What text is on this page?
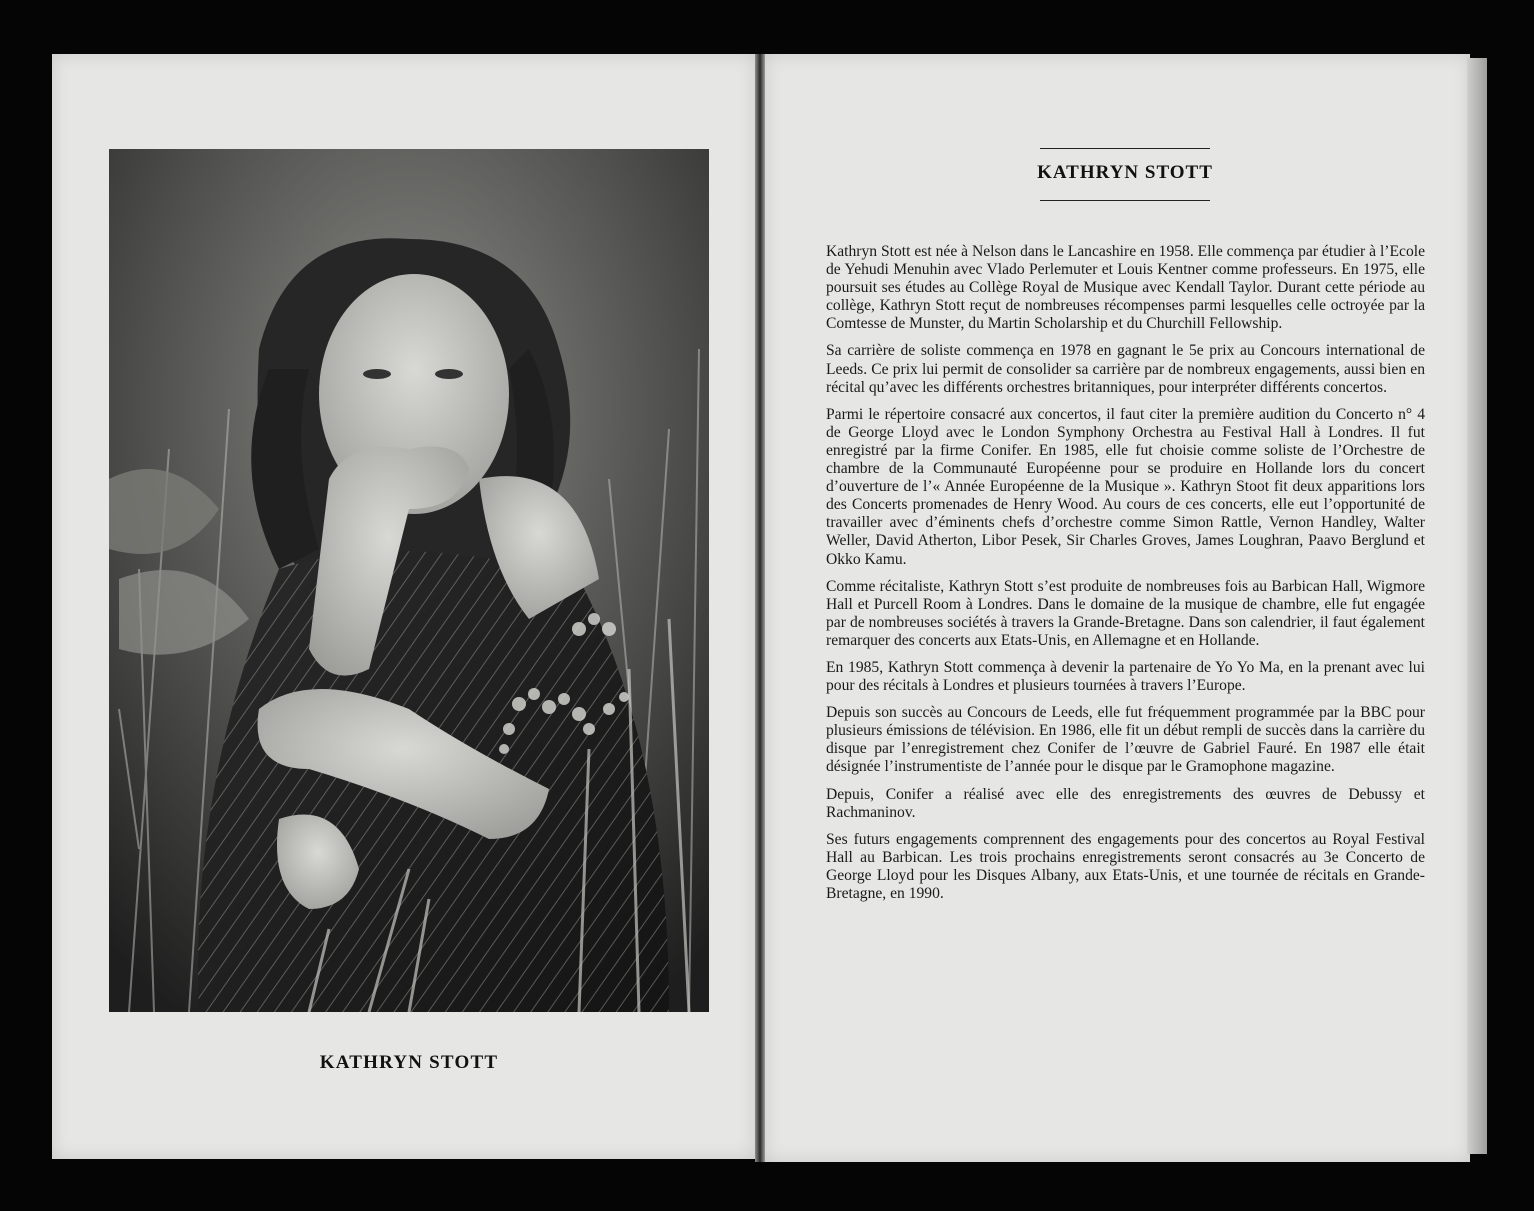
KATHRYN STOTT
KATHRYN STOTT

Kathryn Stott est née à Nelson dans le Lancashire en 1958. Elle commença par étudier à l’Ecole de Yehudi Menuhin avec Vlado Perlemuter et Louis Kentner comme professeurs. En 1975, elle poursuit ses études au Collège Royal de Musique avec Kendall Taylor. Durant cette période au collège, Kathryn Stott reçut de nombreuses récompenses parmi lesquelles celle octroyée par la Comtesse de Munster, du Martin Scholarship et du Churchill Fellowship.

Sa carrière de soliste commença en 1978 en gagnant le 5e prix au Concours international de Leeds. Ce prix lui permit de consolider sa carrière par de nombreux engagements, aussi bien en récital qu’avec les différents orchestres britanniques, pour interpréter différents concertos.

Parmi le répertoire consacré aux concertos, il faut citer la première audition du Concerto n° 4 de George Lloyd avec le London Symphony Orchestra au Festival Hall à Londres. Il fut enregistré par la firme Conifer. En 1985, elle fut choisie comme soliste de l’Orchestre de chambre de la Communauté Européenne pour se produire en Hollande lors du concert d’ouverture de l’« Année Européenne de la Musique ». Kathryn Stoot fit deux apparitions lors des Concerts promenades de Henry Wood. Au cours de ces concerts, elle eut l’opportunité de travailler avec d’éminents chefs d’orchestre comme Simon Rattle, Vernon Handley, Walter Weller, David Atherton, Libor Pesek, Sir Charles Groves, James Loughran, Paavo Berglund et Okko Kamu.

Comme récitaliste, Kathryn Stott s’est produite de nombreuses fois au Barbican Hall, Wigmore Hall et Purcell Room à Londres. Dans le domaine de la musique de chambre, elle fut engagée par de nombreuses sociétés à travers la Grande-Bretagne. Dans son calendrier, il faut également remarquer des concerts aux Etats-Unis, en Allemagne et en Hollande.

En 1985, Kathryn Stott commença à devenir la partenaire de Yo Yo Ma, en la prenant avec lui pour des récitals à Londres et plusieurs tournées à travers l’Europe.

Depuis son succès au Concours de Leeds, elle fut fréquemment programmée par la BBC pour plusieurs émissions de télévision. En 1986, elle fit un début rempli de succès dans la carrière du disque par l’enregistrement chez Conifer de l’œuvre de Gabriel Fauré. En 1987 elle était désignée l’instrumentiste de l’année pour le disque par le Gramophone magazine.

Depuis, Conifer a réalisé avec elle des enregistrements des œuvres de Debussy et Rachmaninov.

Ses futurs engagements comprennent des engagements pour des concertos au Royal Festival Hall au Barbican. Les trois prochains enregistrements seront consacrés au 3e Concerto de George Lloyd pour les Disques Albany, aux Etats-Unis, et une tournée de récitals en Grande-Bretagne, en 1990.
